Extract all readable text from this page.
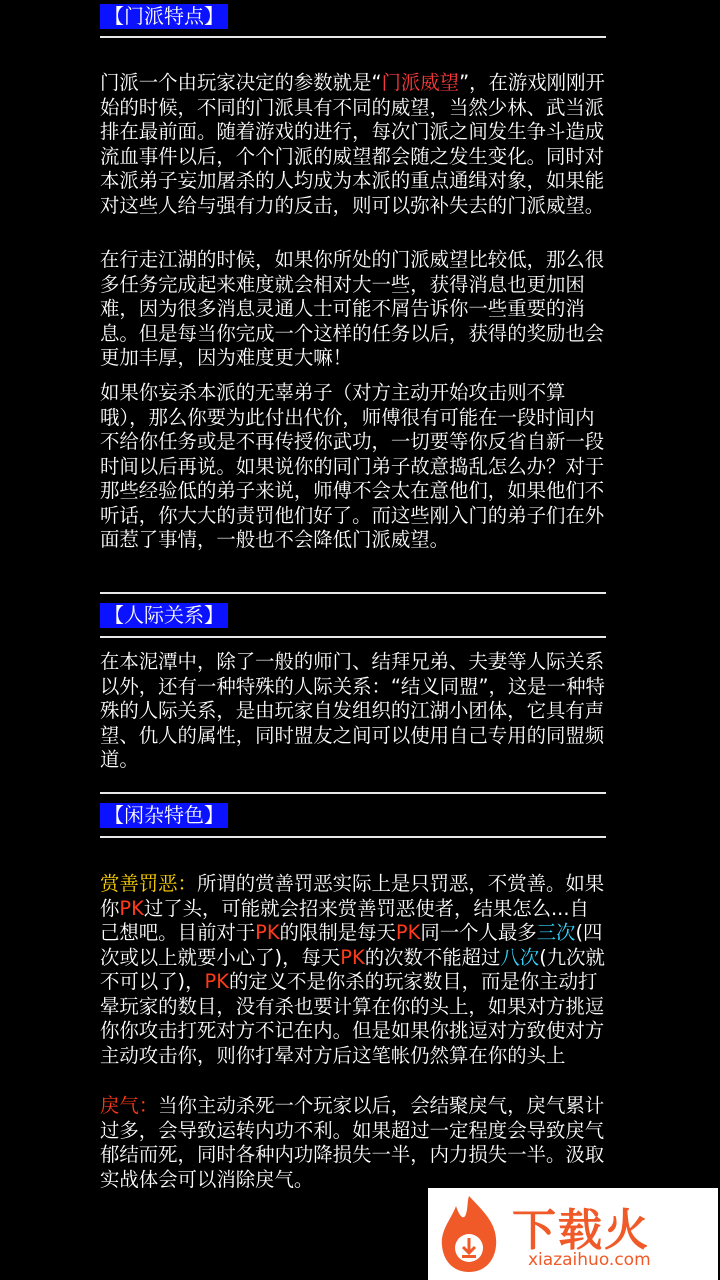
【门派特点】
门派一个由玩家决定的参数就是“门派威望”，在游戏刚刚开始的时候，不同的门派具有不同的威望，当然少林、武当派排在最前面。随着游戏的进行，每次门派之间发生争斗造成流血事件以后，个个门派的威望都会随之发生变化。同时对本派弟子妄加屠杀的人均成为本派的重点通缉对象，如果能对这些人给与强有力的反击，则可以弥补失去的门派威望。
在行走江湖的时候，如果你所处的门派威望比较低，那么很多任务完成起来难度就会相对大一些，获得消息也更加困难，因为很多消息灵通人士可能不屑告诉你一些重要的消息。但是每当你完成一个这样的任务以后，获得的奖励也会更加丰厚，因为难度更大嘛！
如果你妄杀本派的无辜弟子（对方主动开始攻击则不算哦），那么你要为此付出代价，师傅很有可能在一段时间内不给你任务或是不再传授你武功，一切要等你反省自新一段时间以后再说。如果说你的同门弟子故意捣乱怎么办？对于那些经验低的弟子来说，师傅不会太在意他们，如果他们不听话，你大大的责罚他们好了。而这些刚入门的弟子们在外面惹了事情，一般也不会降低门派威望。
【人际关系】
在本泥潭中，除了一般的师门、结拜兄弟、夫妻等人际关系以外，还有一种特殊的人际关系：“结义同盟”，这是一种特殊的人际关系，是由玩家自发组织的江湖小团体，它具有声望、仇人的属性，同时盟友之间可以使用自己专用的同盟频道。
【闲杂特色】
赏善罚恶：所谓的赏善罚恶实际上是只罚恶，不赏善。如果你PK过了头，可能就会招来赏善罚恶使者，结果怎么...自己想吧。目前对于PK的限制是每天PK同一个人最多三次(四次或以上就要小心了)，每天PK的次数不能超过八次(九次就不可以了)，PK的定义不是你杀的玩家数目，而是你主动打晕玩家的数目，没有杀也要计算在你的头上，如果对方挑逗你你攻击打死对方不记在内。但是如果你挑逗对方致使对方主动攻击你，则你打晕对方后这笔帐仍然算在你的头上
戾气：当你主动杀死一个玩家以后，会结聚戾气，戾气累计过多，会导致运转内功不利。如果超过一定程度会导致戾气郁结而死，同时各种内功降损失一半，内力损失一半。汲取实战体会可以消除戾气。
下载火
xiazaihuo.com
